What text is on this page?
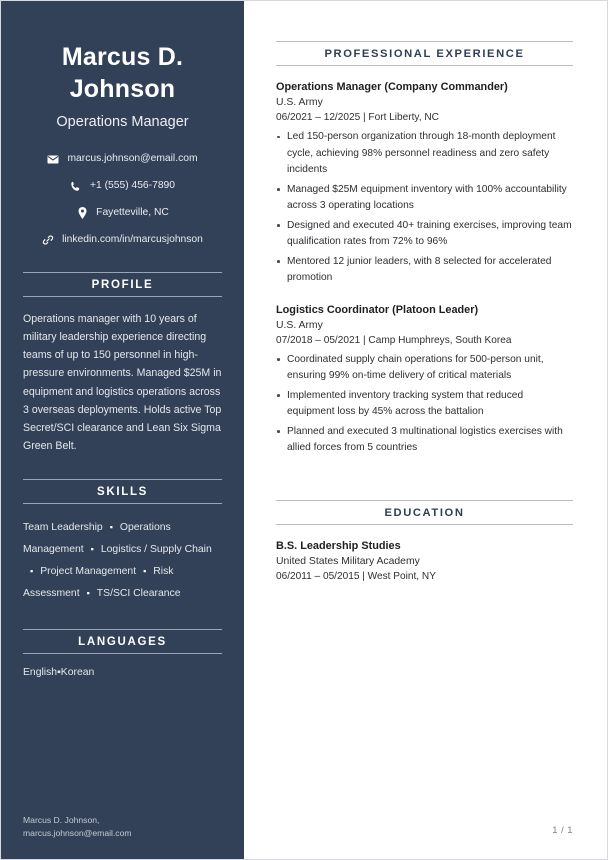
Marcus D. Johnson
Operations Manager
marcus.johnson@email.com
+1 (555) 456-7890
Fayetteville, NC
linkedin.com/in/marcusjohnson
PROFILE
Operations manager with 10 years of military leadership experience directing teams of up to 150 personnel in high-pressure environments. Managed $25M in equipment and logistics operations across 3 overseas deployments. Holds active Top Secret/SCI clearance and Lean Six Sigma Green Belt.
SKILLS
Team Leadership ▪ Operations Management ▪ Logistics / Supply Chain▪ Project Management ▪ Risk Assessment ▪ TS/SCI Clearance
LANGUAGES
English▪Korean
Marcus D. Johnson,
marcus.johnson@email.com
PROFESSIONAL EXPERIENCE
Operations Manager (Company Commander)
U.S. Army
06/2021 – 12/2025 | Fort Liberty, NC
Led 150-person organization through 18-month deployment cycle, achieving 98% personnel readiness and zero safety incidents
Managed $25M equipment inventory with 100% accountability across 3 operating locations
Designed and executed 40+ training exercises, improving team qualification rates from 72% to 96%
Mentored 12 junior leaders, with 8 selected for accelerated promotion
Logistics Coordinator (Platoon Leader)
U.S. Army
07/2018 – 05/2021 | Camp Humphreys, South Korea
Coordinated supply chain operations for 500-person unit, ensuring 99% on-time delivery of critical materials
Implemented inventory tracking system that reduced equipment loss by 45% across the battalion
Planned and executed 3 multinational logistics exercises with allied forces from 5 countries
EDUCATION
B.S. Leadership Studies
United States Military Academy
06/2011 – 05/2015 | West Point, NY
1 / 1
